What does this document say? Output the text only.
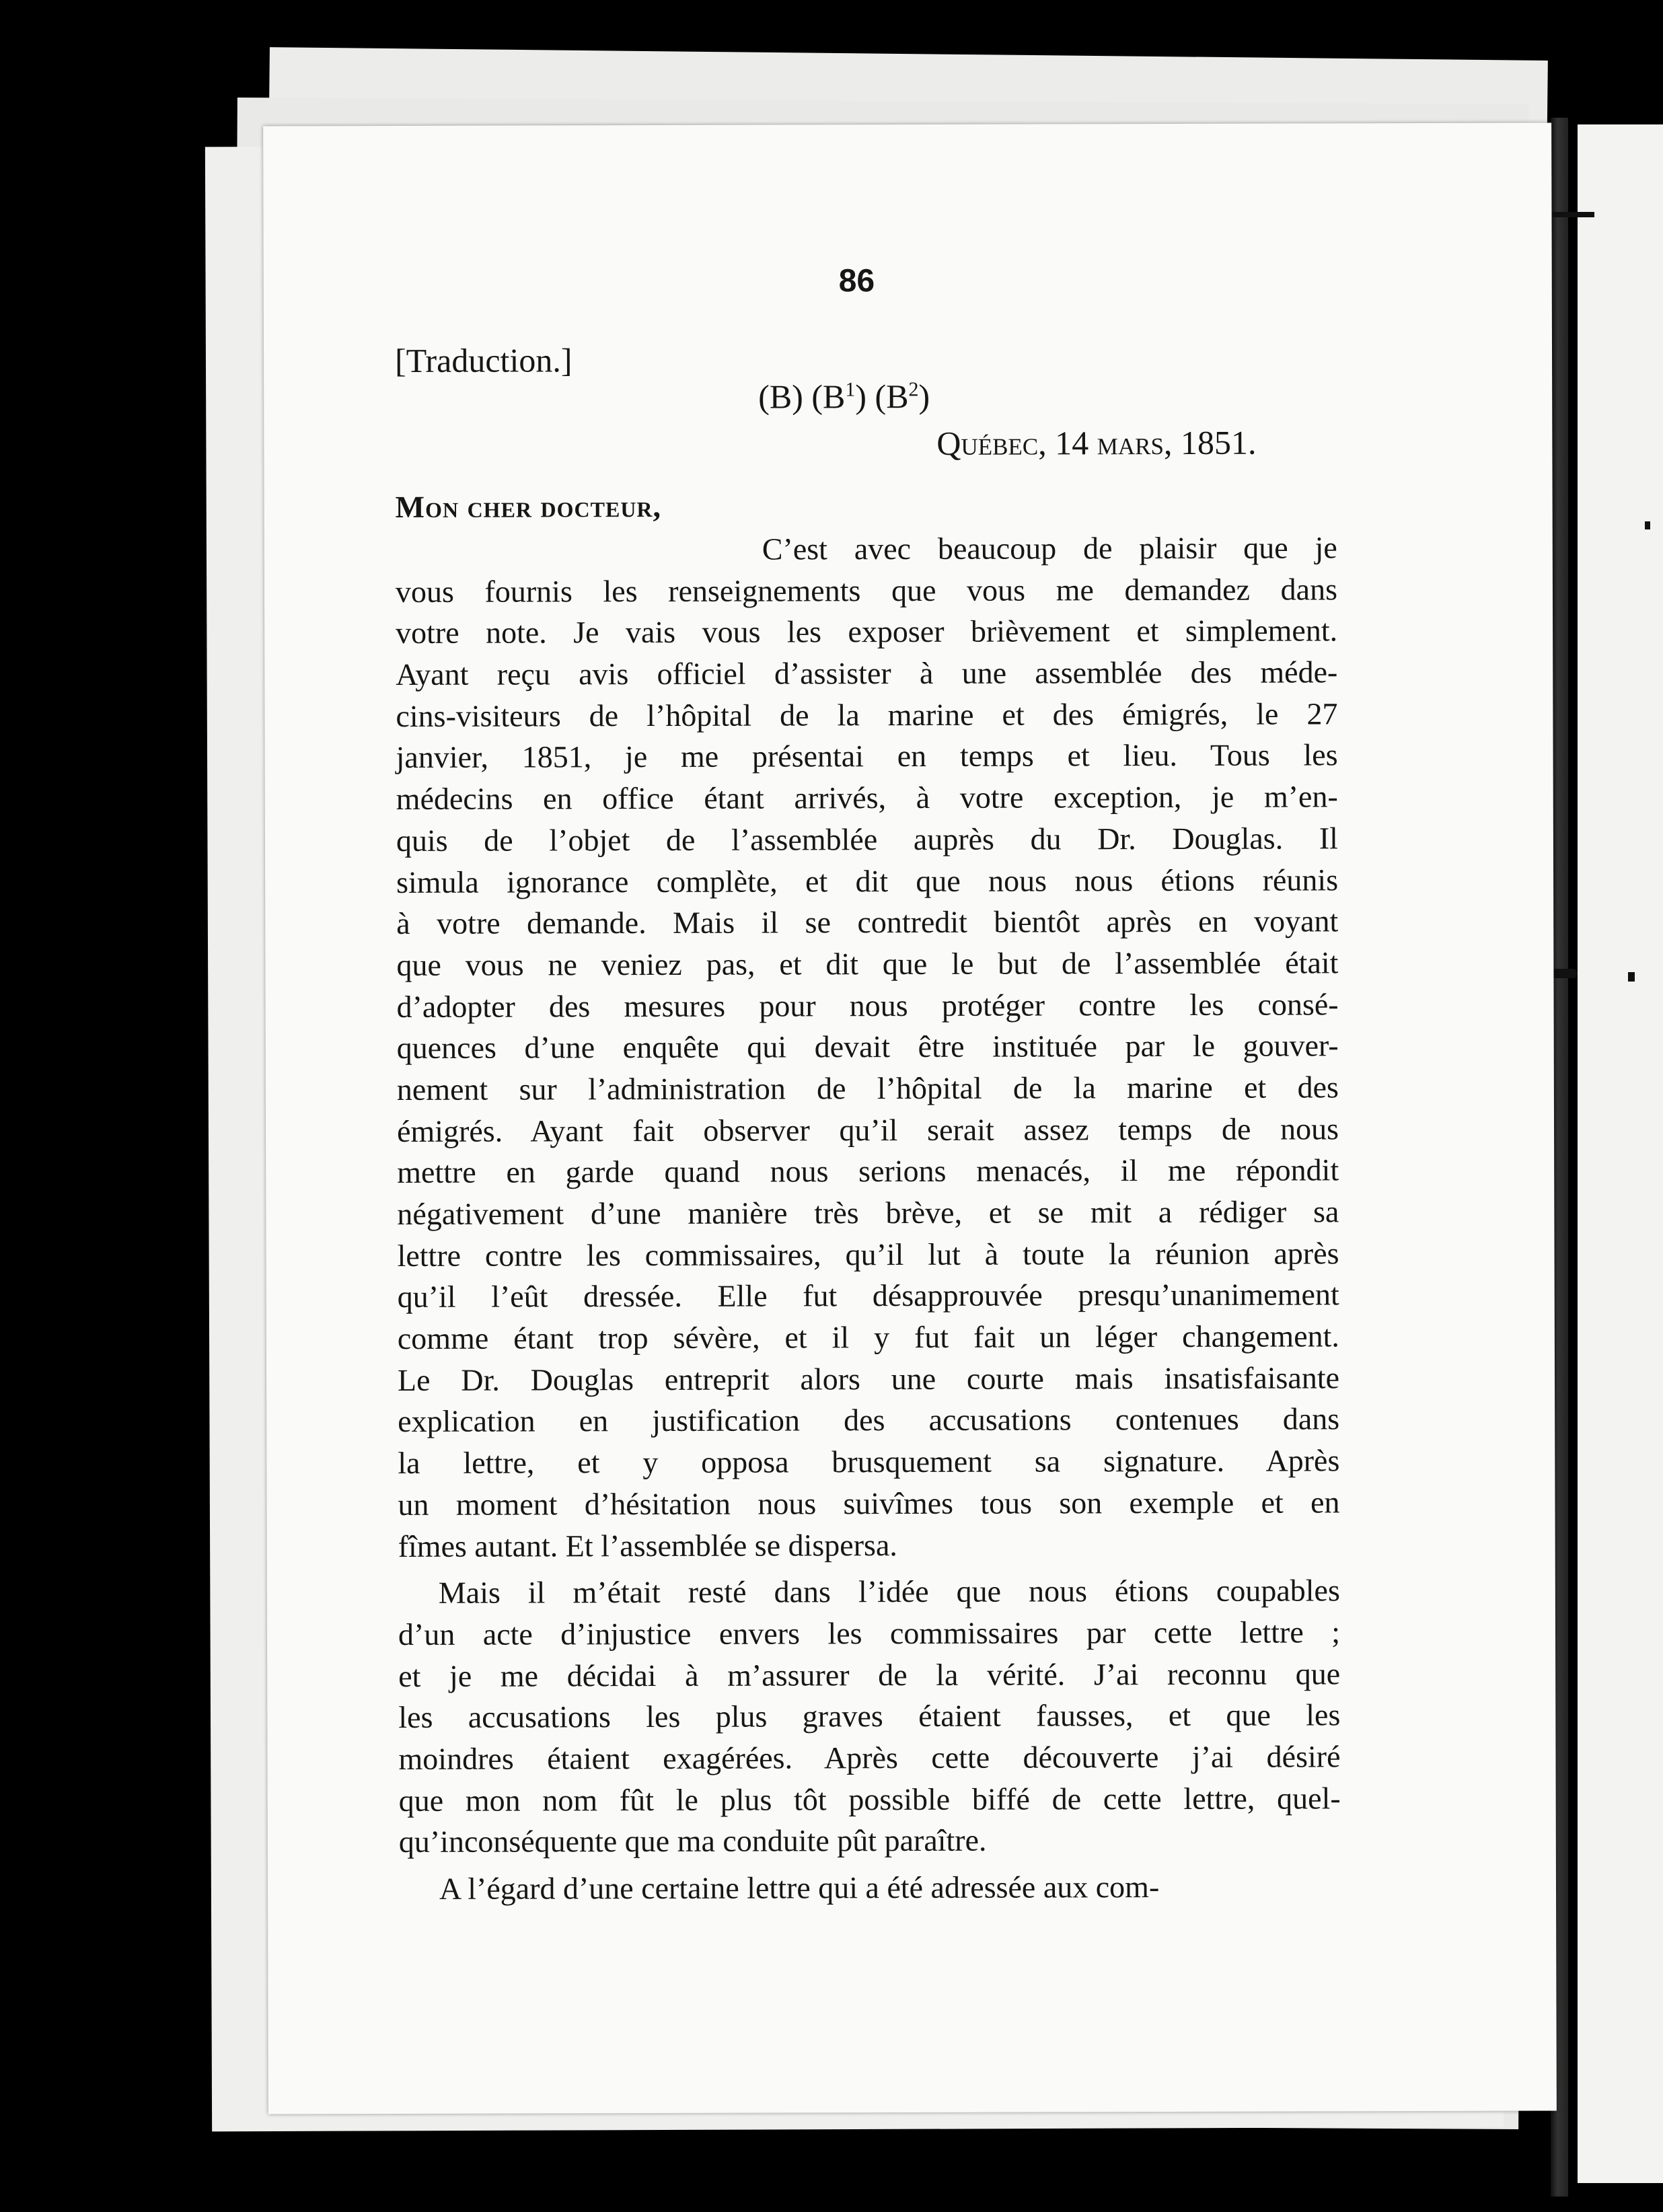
86
[Traduction.]
(B) $(B^1)$ $(B^2)$
Québec, 14 mars, 1851.
Mon cher docteur,
C’est avec beaucoup de plaisir que je
vous fournis les renseignements que vous me demandez dans
votre note. Je vais vous les exposer brièvement et simplement.
Ayant reçu avis officiel d’assister à une assemblée des méde-
cins-visiteurs de l’hôpital de la marine et des émigrés, le 27
janvier, 1851, je me présentai en temps et lieu. Tous les
médecins en office étant arrivés, à votre exception, je m’en-
quis de l’objet de l’assemblée auprès du Dr. Douglas. Il
simula ignorance complète, et dit que nous nous étions réunis
à votre demande. Mais il se contredit bientôt après en voyant
que vous ne veniez pas, et dit que le but de l’assemblée était
d’adopter des mesures pour nous protéger contre les consé-
quences d’une enquête qui devait être instituée par le gouver-
nement sur l’administration de l’hôpital de la marine et des
émigrés. Ayant fait observer qu’il serait assez temps de nous
mettre en garde quand nous serions menacés, il me répondit
négativement d’une manière très brève, et se mit a rédiger sa
lettre contre les commissaires, qu’il lut à toute la réunion après
qu’il l’eût dressée. Elle fut désapprouvée presqu’unanimement
comme étant trop sévère, et il y fut fait un léger changement.
Le Dr. Douglas entreprit alors une courte mais insatisfaisante
explication en justification des accusations contenues dans
la lettre, et y opposa brusquement sa signature. Après
un moment d’hésitation nous suivîmes tous son exemple et en
fîmes autant. Et l’assemblée se dispersa.
Mais il m’était resté dans l’idée que nous étions coupables
d’un acte d’injustice envers les commissaires par cette lettre ;
et je me décidai à m’assurer de la vérité. J’ai reconnu que
les accusations les plus graves étaient fausses, et que les
moindres étaient exagérées. Après cette découverte j’ai désiré
que mon nom fût le plus tôt possible biffé de cette lettre, quel-
qu’inconséquente que ma conduite pût paraître.
A l’égard d’une certaine lettre qui a été adressée aux com-
